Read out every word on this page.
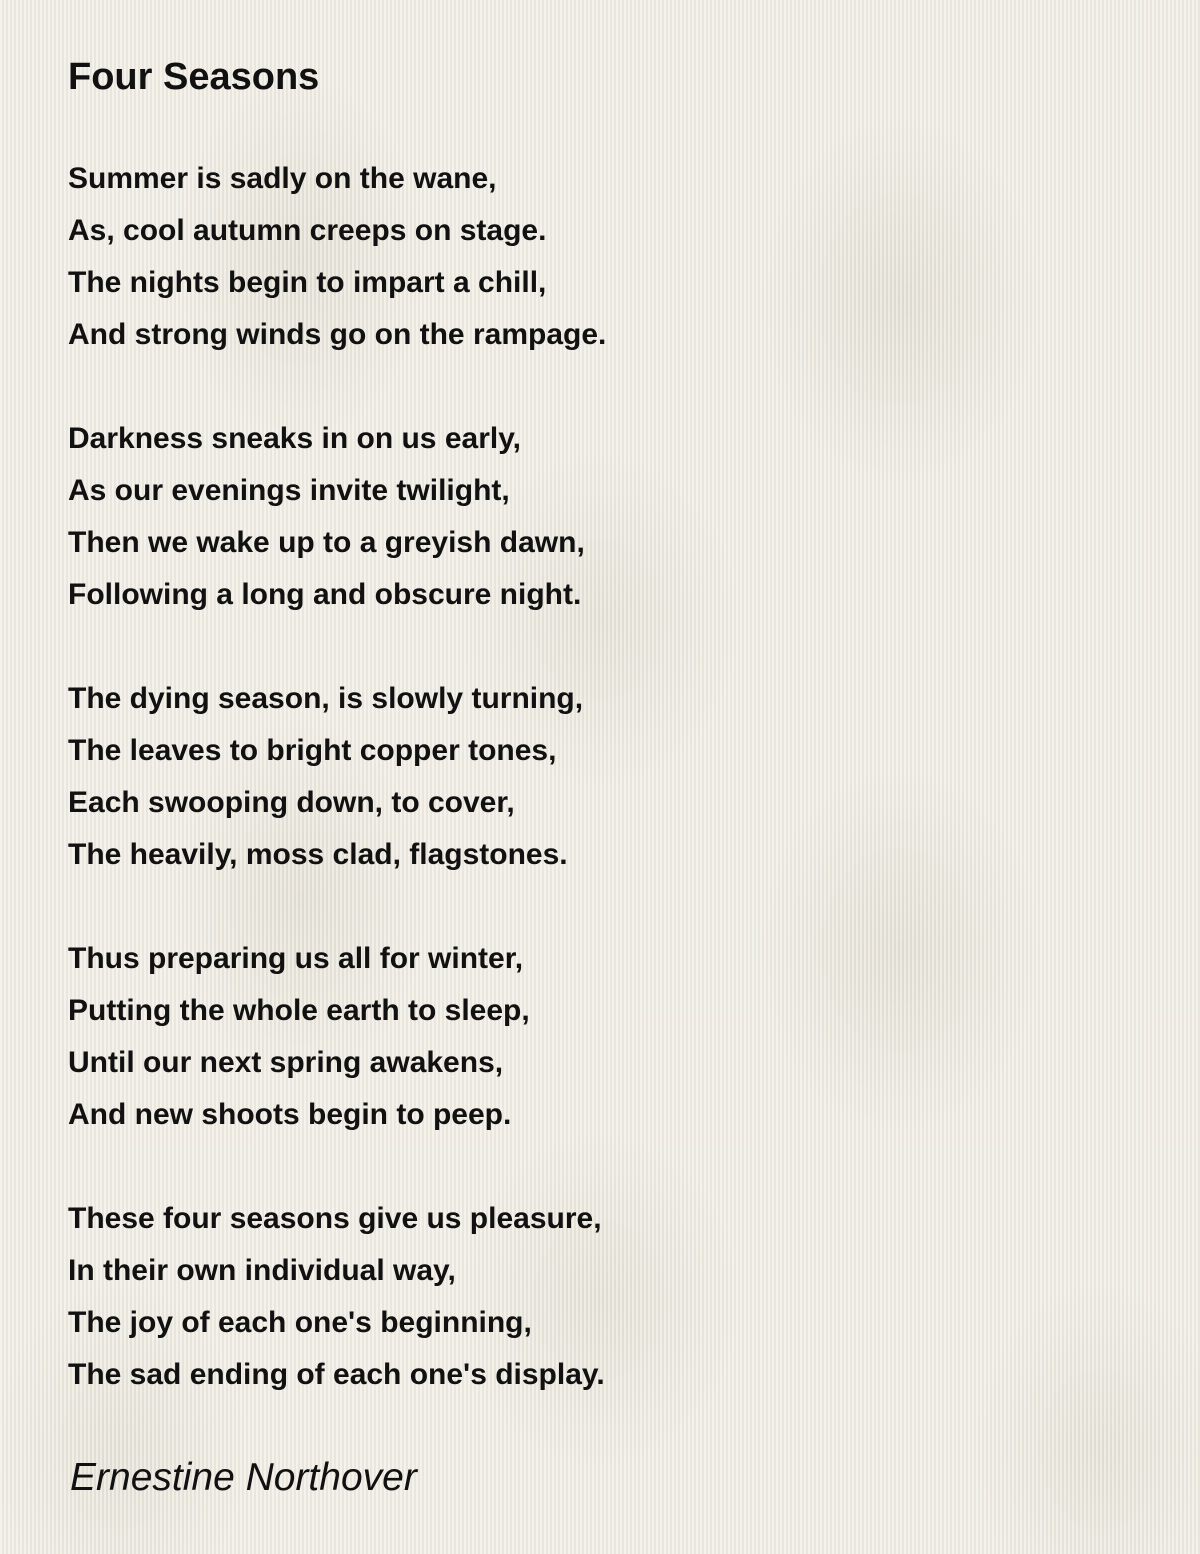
Four Seasons
Summer is sadly on the wane,
As, cool autumn creeps on stage.
The nights begin to impart a chill,
And strong winds go on the rampage.
Darkness sneaks in on us early,
As our evenings invite twilight,
Then we wake up to a greyish dawn,
Following a long and obscure night.
The dying season, is slowly turning,
The leaves to bright copper tones,
Each swooping down, to cover,
The heavily, moss clad, flagstones.
Thus preparing us all for winter,
Putting the whole earth to sleep,
Until our next spring awakens,
And new shoots begin to peep.
These four seasons give us pleasure,
In their own individual way,
The joy of each one's beginning,
The sad ending of each one's display.
Ernestine Northover
